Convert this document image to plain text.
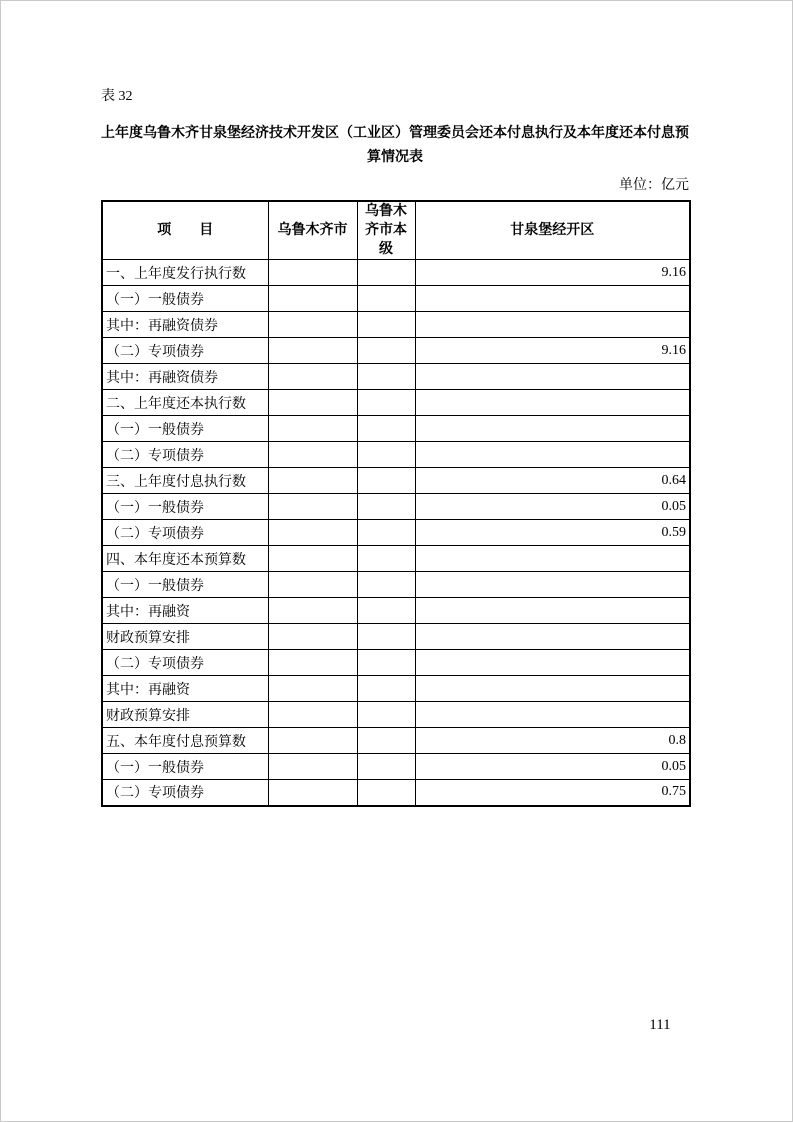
表 32
上年度乌鲁木齐甘泉堡经济技术开发区（工业区）管理委员会还本付息执行及本年度还本付息预算情况表
单位：亿元
项　　目	乌鲁木齐市	乌鲁木齐市本级	甘泉堡经开区
一、上年度发行执行数			9.16
（一）一般债券			
其中：再融资债券			
（二）专项债券			9.16
其中：再融资债券			
二、上年度还本执行数			
（一）一般债券			
（二）专项债券			
三、上年度付息执行数			0.64
（一）一般债券			0.05
（二）专项债券			0.59
四、本年度还本预算数			
（一）一般债券			
其中：再融资			
财政预算安排			
（二）专项债券			
其中：再融资			
财政预算安排			
五、本年度付息预算数			0.8
（一）一般债券			0.05
（二）专项债券			0.75
111
